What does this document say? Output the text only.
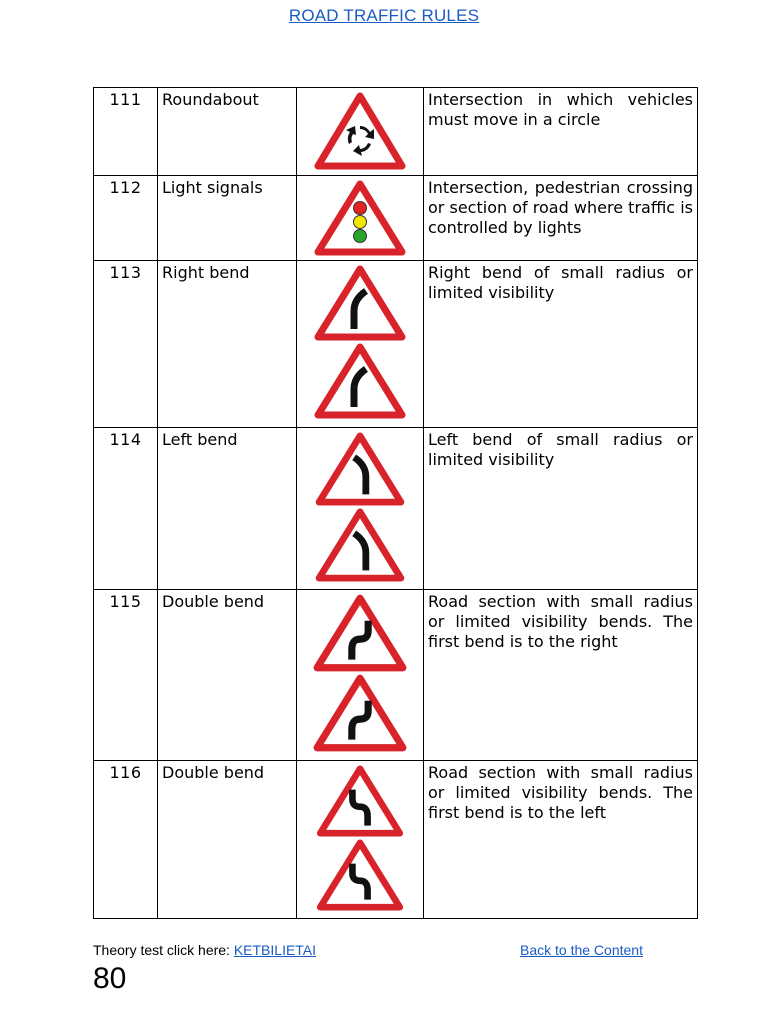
ROAD TRAFFIC RULES
111	Roundabout		Intersection in which vehicles must move in a circle
112	Light signals		Intersection, pedestrian crossing or section of road where traffic is controlled by lights
113	Right bend		Right bend of small radius or limited visibility
114	Left bend		Left bend of small radius or limited visibility
115	Double bend		Road section with small radius or limited visibility bends. The first bend is to the right
116	Double bend		Road section with small radius or limited visibility bends. The first bend is to the left
Theory test click here: KETBILIETAI	Back to the Content
80
